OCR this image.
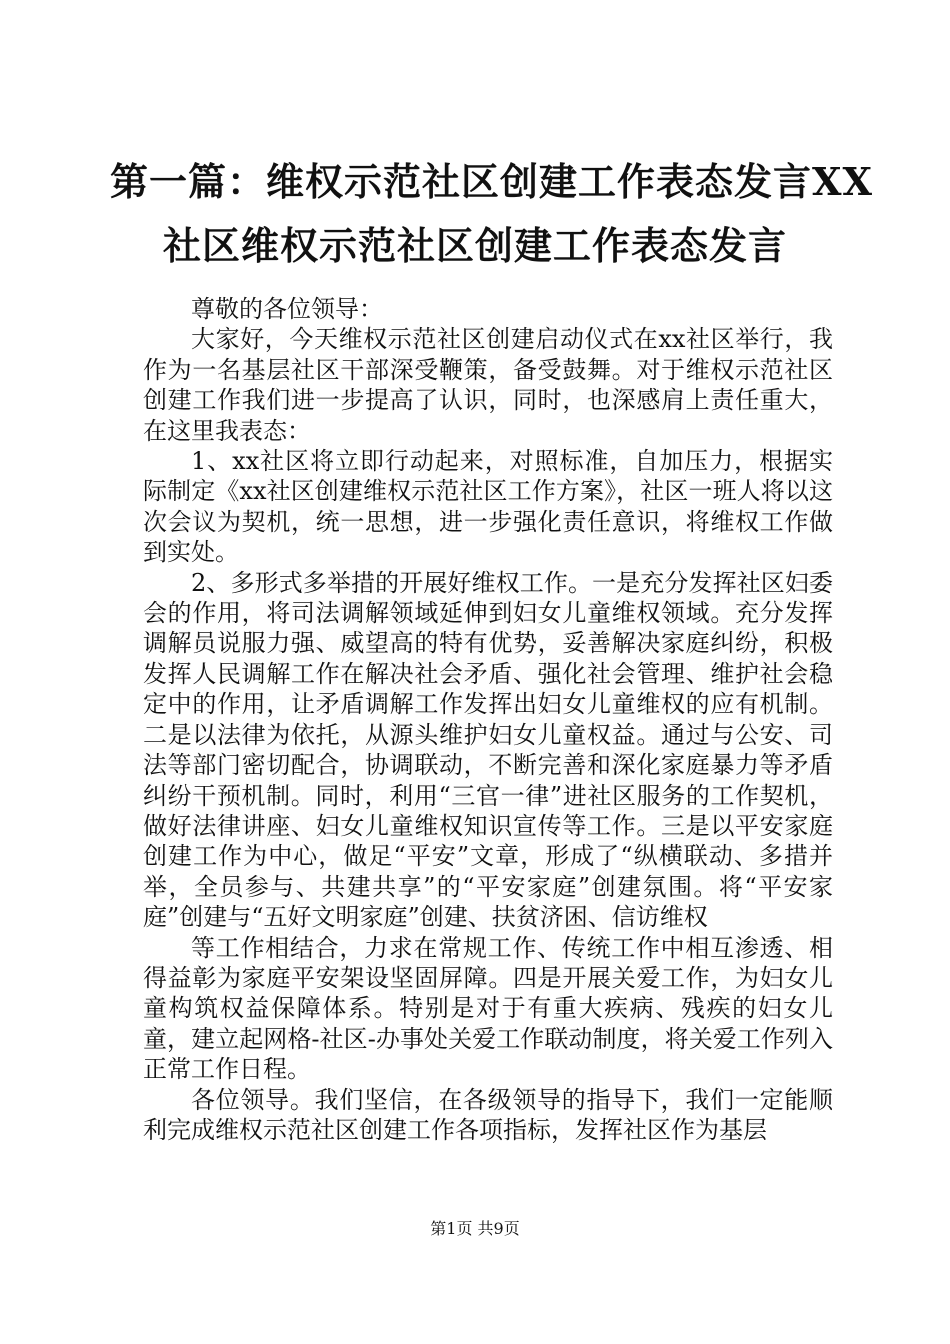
第一篇：维权示范社区创建工作表态发言XX
社区维权示范社区创建工作表态发言

尊敬的各位领导：

大家好，今天维权示范社区创建启动仪式在xx社区举行，我作为一名基层社区干部深受鞭策，备受鼓舞。对于维权示范社区创建工作我们进一步提高了认识，同时，也深感肩上责任重大，在这里我表态：

1、xx社区将立即行动起来，对照标准，自加压力，根据实际制定《xx社区创建维权示范社区工作方案》，社区一班人将以这次会议为契机，统一思想，进一步强化责任意识，将维权工作做到实处。

2、多形式多举措的开展好维权工作。一是充分发挥社区妇委会的作用，将司法调解领域延伸到妇女儿童维权领域。充分发挥调解员说服力强、威望高的特有优势，妥善解决家庭纠纷，积极发挥人民调解工作在解决社会矛盾、强化社会管理、维护社会稳定中的作用，让矛盾调解工作发挥出妇女儿童维权的应有机制。二是以法律为依托，从源头维护妇女儿童权益。通过与公安、司法等部门密切配合，协调联动，不断完善和深化家庭暴力等矛盾纠纷干预机制。同时，利用“三官一律”进社区服务的工作契机，做好法律讲座、妇女儿童维权知识宣传等工作。三是以平安家庭创建工作为中心，做足“平安”文章，形成了“纵横联动、多措并举，全员参与、共建共享”的“平安家庭”创建氛围。将“平安家庭”创建与“五好文明家庭”创建、扶贫济困、信访维权

等工作相结合，力求在常规工作、传统工作中相互渗透、相得益彰为家庭平安架设坚固屏障。四是开展关爱工作，为妇女儿童构筑权益保障体系。特别是对于有重大疾病、残疾的妇女儿童，建立起网格-社区-办事处关爱工作联动制度，将关爱工作列入正常工作日程。

各位领导。我们坚信，在各级领导的指导下，我们一定能顺利完成维权示范社区创建工作各项指标，发挥社区作为基层

第1页 共9页
